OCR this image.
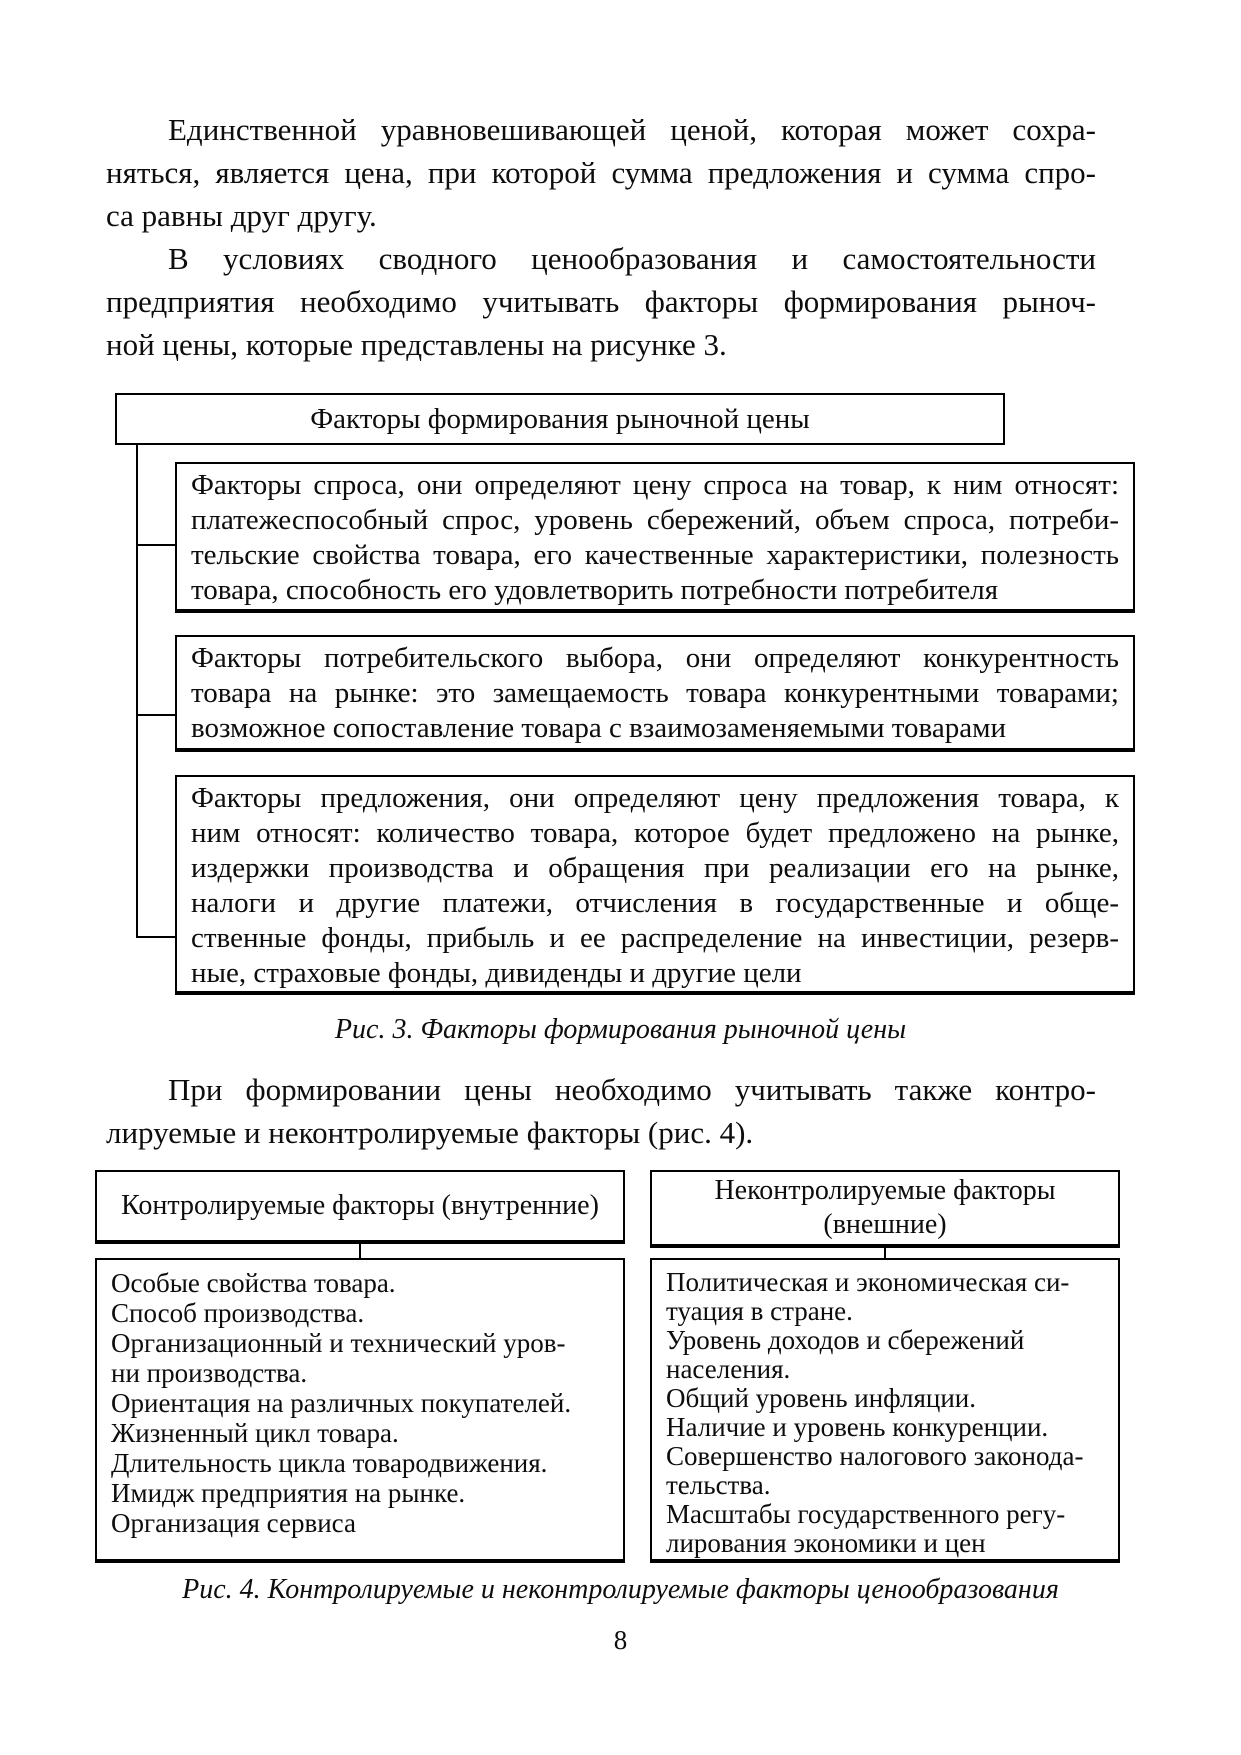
Единственной уравновешивающей ценой, которая может сохра-
няться, является цена, при которой сумма предложения и сумма спро-
са равны друг другу.
В условиях сводного ценообразования и самостоятельности
предприятия необходимо учитывать факторы формирования рыноч-
ной цены, которые представлены на рисунке 3.
Факторы формирования рыночной цены
Факторы спроса, они определяют цену спроса на товар, к ним относят:
платежеспособный спрос, уровень сбережений, объем спроса, потреби-
тельские свойства товара, его качественные характеристики, полезность
товара, способность его удовлетворить потребности потребителя
Факторы потребительского выбора, они определяют конкурентность
товара на рынке: это замещаемость товара конкурентными товарами;
возможное сопоставление товара с взаимозаменяемыми товарами
Факторы предложения, они определяют цену предложения товара, к
ним относят: количество товара, которое будет предложено на рынке,
издержки производства и обращения при реализации его на рынке,
налоги и другие платежи, отчисления в государственные и обще-
ственные фонды, прибыль и ее распределение на инвестиции, резерв-
ные, страховые фонды, дивиденды и другие цели
Рис. 3. Факторы формирования рыночной цены
При формировании цены необходимо учитывать также контро-
лируемые и неконтролируемые факторы (рис. 4).
Контролируемые факторы (внутренние)	Неконтролируемые факторы
(внешние)
Особые свойства товара.
Способ производства.
Организационный и технический уров-
ни производства.
Ориентация на различных покупателей.
Жизненный цикл товара.
Длительность цикла товародвижения.
Имидж предприятия на рынке.
Организация сервиса
Политическая и экономическая си-
туация в стране.
Уровень доходов и сбережений
населения.
Общий уровень инфляции.
Наличие и уровень конкуренции.
Совершенство налогового законода-
тельства.
Масштабы государственного регу-
лирования экономики и цен
Рис. 4. Контролируемые и неконтролируемые факторы ценообразования
8
